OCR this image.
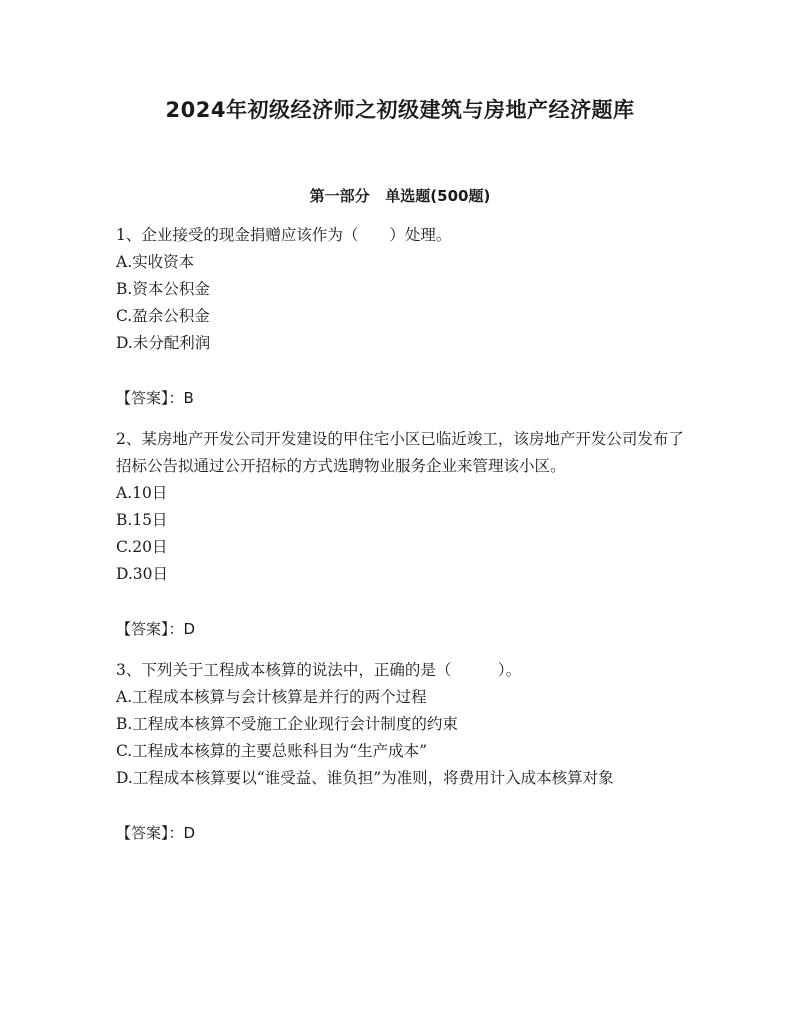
2024年初级经济师之初级建筑与房地产经济题库
第一部分   单选题(500题)

1、企业接受的现金捐赠应该作为（　　）处理。

A.实收资本

B.资本公积金

C.盈余公积金

D.未分配利润

【答案】：B

2、某房地产开发公司开发建设的甲住宅小区已临近竣工，该房地产开发公司发布了招标公告拟通过公开招标的方式选聘物业服务企业来管理该小区。

A.10日

B.15日

C.20日

D.30日

【答案】：D

3、下列关于工程成本核算的说法中，正确的是（　　　）。

A.工程成本核算与会计核算是并行的两个过程

B.工程成本核算不受施工企业现行会计制度的约束

C.工程成本核算的主要总账科目为“生产成本”

D.工程成本核算要以“谁受益、谁负担”为准则，将费用计入成本核算对象

【答案】：D
